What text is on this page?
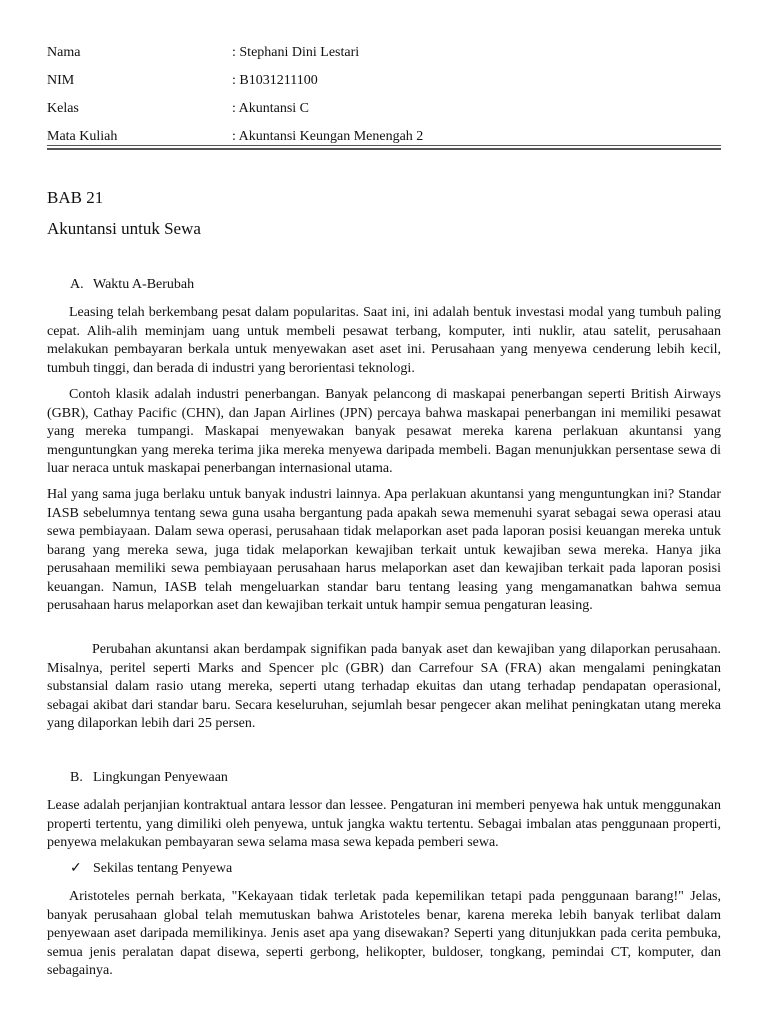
Nama	: Stephani Dini Lestari
NIM	: B1031211100
Kelas	: Akuntansi C
Mata Kuliah	: Akuntansi Keungan Menengah 2
BAB 21
Akuntansi untuk Sewa
A. Waktu A-Berubah

Leasing telah berkembang pesat dalam popularitas. Saat ini, ini adalah bentuk investasi modal yang tumbuh paling cepat. Alih-alih meminjam uang untuk membeli pesawat terbang, komputer, inti nuklir, atau satelit, perusahaan melakukan pembayaran berkala untuk menyewakan aset aset ini. Perusahaan yang menyewa cenderung lebih kecil, tumbuh tinggi, dan berada di industri yang berorientasi teknologi.

Contoh klasik adalah industri penerbangan. Banyak pelancong di maskapai penerbangan seperti British Airways (GBR), Cathay Pacific (CHN), dan Japan Airlines (JPN) percaya bahwa maskapai penerbangan ini memiliki pesawat yang mereka tumpangi. Maskapai menyewakan banyak pesawat mereka karena perlakuan akuntansi yang menguntungkan yang mereka terima jika mereka menyewa daripada membeli. Bagan menunjukkan persentase sewa di luar neraca untuk maskapai penerbangan internasional utama.

Hal yang sama juga berlaku untuk banyak industri lainnya. Apa perlakuan akuntansi yang menguntungkan ini? Standar IASB sebelumnya tentang sewa guna usaha bergantung pada apakah sewa memenuhi syarat sebagai sewa operasi atau sewa pembiayaan. Dalam sewa operasi, perusahaan tidak melaporkan aset pada laporan posisi keuangan mereka untuk barang yang mereka sewa, juga tidak melaporkan kewajiban terkait untuk kewajiban sewa mereka. Hanya jika perusahaan memiliki sewa pembiayaan perusahaan harus melaporkan aset dan kewajiban terkait pada laporan posisi keuangan. Namun, IASB telah mengeluarkan standar baru tentang leasing yang mengamanatkan bahwa semua perusahaan harus melaporkan aset dan kewajiban terkait untuk hampir semua pengaturan leasing.

Perubahan akuntansi akan berdampak signifikan pada banyak aset dan kewajiban yang dilaporkan perusahaan. Misalnya, peritel seperti Marks and Spencer plc (GBR) dan Carrefour SA (FRA) akan mengalami peningkatan substansial dalam rasio utang mereka, seperti utang terhadap ekuitas dan utang terhadap pendapatan operasional, sebagai akibat dari standar baru. Secara keseluruhan, sejumlah besar pengecer akan melihat peningkatan utang mereka yang dilaporkan lebih dari 25 persen.

B. Lingkungan Penyewaan

Lease adalah perjanjian kontraktual antara lessor dan lessee. Pengaturan ini memberi penyewa hak untuk menggunakan properti tertentu, yang dimiliki oleh penyewa, untuk jangka waktu tertentu. Sebagai imbalan atas penggunaan properti, penyewa melakukan pembayaran sewa selama masa sewa kepada pemberi sewa.

✓ Sekilas tentang Penyewa

Aristoteles pernah berkata, "Kekayaan tidak terletak pada kepemilikan tetapi pada penggunaan barang!" Jelas, banyak perusahaan global telah memutuskan bahwa Aristoteles benar, karena mereka lebih banyak terlibat dalam penyewaan aset daripada memilikinya. Jenis aset apa yang disewakan? Seperti yang ditunjukkan pada cerita pembuka, semua jenis peralatan dapat disewa, seperti gerbong, helikopter, buldoser, tongkang, pemindai CT, komputer, dan sebagainya.
